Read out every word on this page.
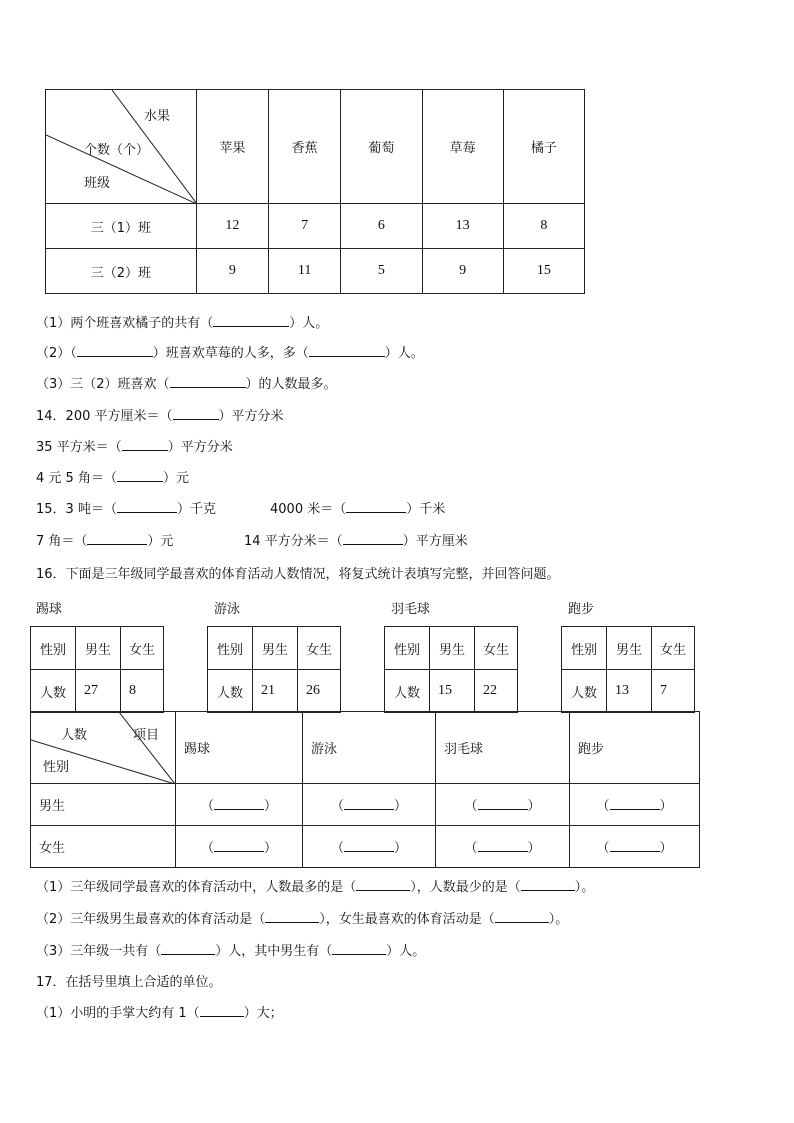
水果
个数（个）
班级	苹果	香蕉	葡萄	草莓	橘子
三（1）班	12	7	6	13	8
三（2）班	9	11	5	9	15
（1）两个班喜欢橘子的共有（	）人。
（2）（	）班喜欢草莓的人多，多（	）人。
（3）三（2）班喜欢（	）的人数最多。
14．200 平方厘米＝（	）平方分米
35 平方米＝（	）平方分米
4 元 5 角＝（	）元
15．3 吨＝（	）千克	4000 米＝（	）千米
7 角＝（	）元	14 平方分米＝（	）平方厘米
16．下面是三年级同学最喜欢的体育活动人数情况，将复式统计表填写完整，并回答问题。
踢球	游泳	羽毛球	跑步
性别	男生	女生
人数	27	8
性别	男生	女生
人数	21	26
性别	男生	女生
人数	15	22
性别	男生	女生
人数	13	7
人数 项目
性别	踢球	游泳	羽毛球	跑步
男生	（ ）	（ ）	（ ）	（ ）
女生	（ ）	（ ）	（ ）	（ ）
（1）三年级同学最喜欢的体育活动中，人数最多的是（	），人数最少的是（	）。
（2）三年级男生最喜欢的体育活动是（	），女生最喜欢的体育活动是（	）。
（3）三年级一共有（	）人，其中男生有（	）人。
17．在括号里填上合适的单位。
（1）小明的手掌大约有 1（	）大；
